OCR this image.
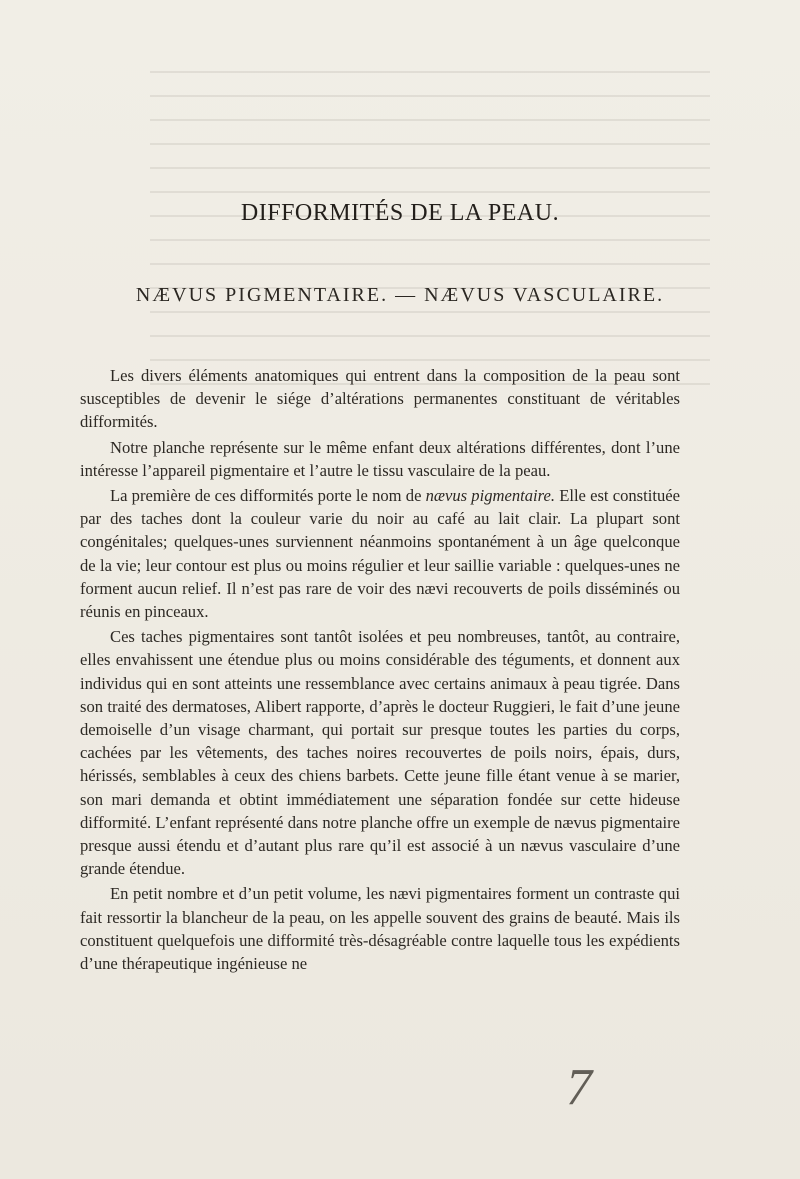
DIFFORMITÉS DE LA PEAU.
NÆVUS PIGMENTAIRE. — NÆVUS VASCULAIRE.

Les divers éléments anatomiques qui entrent dans la composition de la peau sont susceptibles de devenir le siége d’altérations permanentes constituant de véritables difformités.

Notre planche représente sur le même enfant deux altérations différentes, dont l’une intéresse l’appareil pigmentaire et l’autre le tissu vasculaire de la peau.

La première de ces difformités porte le nom de nævus pigmentaire. Elle est constituée par des taches dont la couleur varie du noir au café au lait clair. La plupart sont congénitales; quelques-unes surviennent néanmoins spontanément à un âge quelconque de la vie; leur contour est plus ou moins régulier et leur saillie variable : quelques-unes ne forment aucun relief. Il n’est pas rare de voir des nævi recouverts de poils disséminés ou réunis en pinceaux.

Ces taches pigmentaires sont tantôt isolées et peu nombreuses, tantôt, au contraire, elles envahissent une étendue plus ou moins considérable des téguments, et donnent aux individus qui en sont atteints une ressemblance avec certains animaux à peau tigrée. Dans son traité des dermatoses, Alibert rapporte, d’après le docteur Ruggieri, le fait d’une jeune demoiselle d’un visage charmant, qui portait sur presque toutes les parties du corps, cachées par les vêtements, des taches noires recouvertes de poils noirs, épais, durs, hérissés, semblables à ceux des chiens barbets. Cette jeune fille étant venue à se marier, son mari demanda et obtint immédiatement une séparation fondée sur cette hideuse difformité. L’enfant représenté dans notre planche offre un exemple de nævus pigmentaire presque aussi étendu et d’autant plus rare qu’il est associé à un nævus vasculaire d’une grande étendue.

En petit nombre et d’un petit volume, les nævi pigmentaires forment un contraste qui fait ressortir la blancheur de la peau, on les appelle souvent des grains de beauté. Mais ils constituent quelquefois une difformité très-désagréable contre laquelle tous les expédients d’une thérapeutique ingénieuse ne

7
